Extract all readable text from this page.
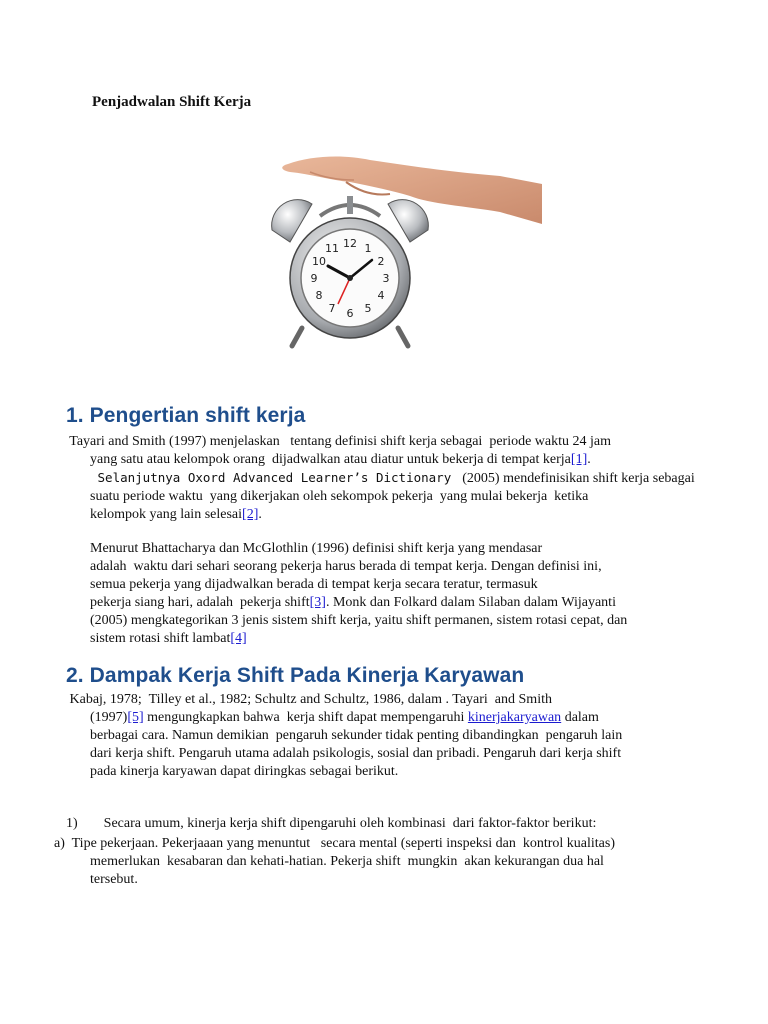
Penjadwalan Shift Kerja
12 1
2
3
4
5
6
7
8
9
10
11
1. Pengertian shift kerja
Tayari and Smith (1997) menjelaskan   tentang definisi shift kerja sebagai  periode waktu 24 jam
yang satu atau kelompok orang  dijadwalkan atau diatur untuk bekerja di tempat kerja[1].
Selanjutnya Oxord Advanced Learner’s Dictionary  (2005) mendefinisikan shift kerja sebagai
suatu periode waktu  yang dikerjakan oleh sekompok pekerja  yang mulai bekerja  ketika
kelompok yang lain selesai[2].
Menurut Bhattacharya dan McGlothlin (1996) definisi shift kerja yang mendasar
adalah  waktu dari sehari seorang pekerja harus berada di tempat kerja. Dengan definisi ini,
semua pekerja yang dijadwalkan berada di tempat kerja secara teratur, termasuk
pekerja siang hari, adalah  pekerja shift[3]. Monk dan Folkard dalam Silaban dalam Wijayanti
(2005) mengkategorikan 3 jenis sistem shift kerja, yaitu shift permanen, sistem rotasi cepat, dan
sistem rotasi shift lambat[4]
2. Dampak Kerja Shift Pada Kinerja Karyawan
Kabaj, 1978;  Tilley et al., 1982; Schultz and Schultz, 1986, dalam . Tayari  and Smith
(1997)[5] mengungkapkan bahwa  kerja shift dapat mempengaruhi kinerjakaryawan dalam
berbagai cara. Namun demikian  pengaruh sekunder tidak penting dibandingkan  pengaruh lain
dari kerja shift. Pengaruh utama adalah psikologis, sosial dan pribadi. Pengaruh dari kerja shift
pada kinerja karyawan dapat diringkas sebagai berikut.
1) Secara umum, kinerja kerja shift dipengaruhi oleh kombinasi  dari faktor-faktor berikut:
a)  Tipe pekerjaan. Pekerjaaan yang menuntut   secara mental (seperti inspeksi dan  kontrol kualitas)
memerlukan  kesabaran dan kehati-hatian. Pekerja shift  mungkin  akan kekurangan dua hal
tersebut.
